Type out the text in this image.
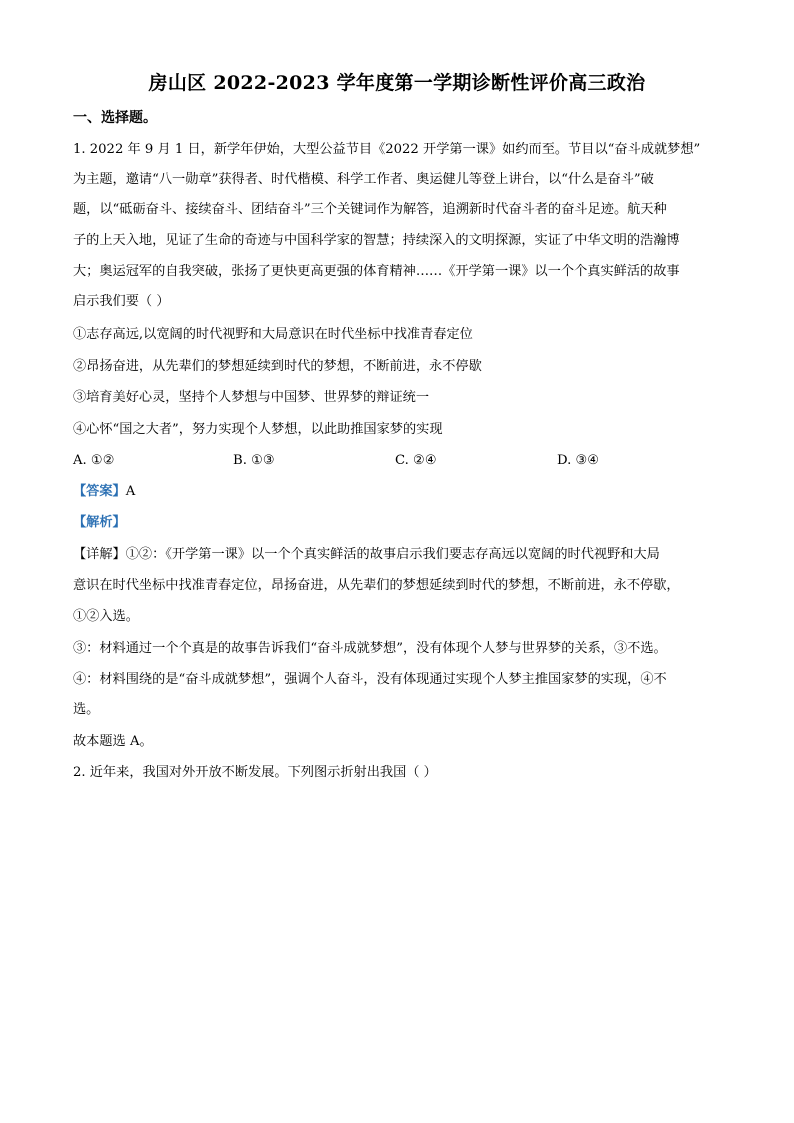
房山区 2022-2023 学年度第一学期诊断性评价高三政治
一、选择题。
1. 2022 年 9 月 1 日，新学年伊始，大型公益节目《2022 开学第一课》如约而至。节目以“奋斗成就梦想”
为主题，邀请“八一勋章”获得者、时代楷模、科学工作者、奥运健儿等登上讲台，以“什么是奋斗”破
题，以“砥砺奋斗、接续奋斗、团结奋斗”三个关键词作为解答，追溯新时代奋斗者的奋斗足迹。航天种
子的上天入地，见证了生命的奇迹与中国科学家的智慧；持续深入的文明探源，实证了中华文明的浩瀚博
大；奥运冠军的自我突破，张扬了更快更高更强的体育精神……《开学第一课》以一个个真实鲜活的故事
启示我们要（ ）
①志存高远,以宽阔的时代视野和大局意识在时代坐标中找准青春定位
②昂扬奋进，从先辈们的梦想延续到时代的梦想，不断前进，永不停歇
③培育美好心灵，坚持个人梦想与中国梦、世界梦的辩证统一
④心怀“国之大者”，努力实现个人梦想，以此助推国家梦的实现
A. ①②	B. ①③	C. ②④	D. ③④
【答案】A
【解析】
【详解】①②：《开学第一课》以一个个真实鲜活的故事启示我们要志存高远以宽阔的时代视野和大局
意识在时代坐标中找准青春定位，昂扬奋进，从先辈们的梦想延续到时代的梦想，不断前进，永不停歇，
①②入选。
③：材料通过一个个真是的故事告诉我们“奋斗成就梦想”，没有体现个人梦与世界梦的关系，③不选。
④：材料围绕的是“奋斗成就梦想”，强调个人奋斗，没有体现通过实现个人梦主推国家梦的实现，④不
选。
故本题选 A。
2. 近年来，我国对外开放不断发展。下列图示折射出我国（ ）
